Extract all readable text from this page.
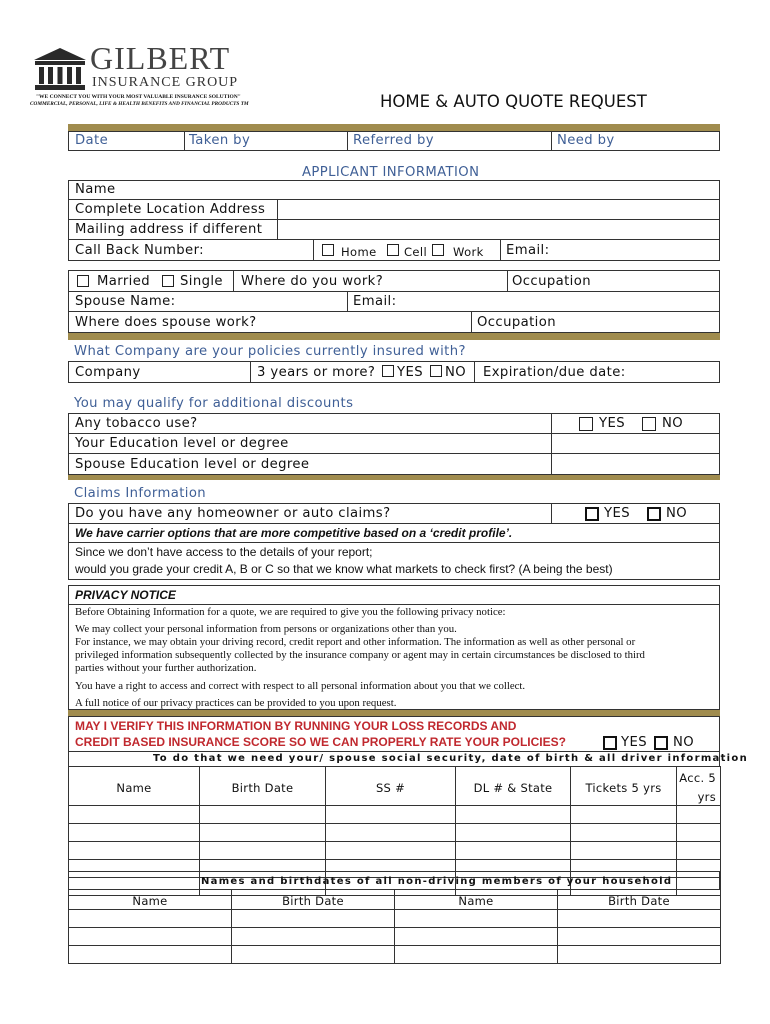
GILBERT
INSURANCE GROUP
"WE CONNECT YOU WITH YOUR MOST VALUABLE INSURANCE SOLUTION"
COMMERCIAL, PERSONAL, LIFE & HEALTH BENEFITS AND FINANCIAL PRODUCTS TM	HOME & AUTO QUOTE REQUEST
Date	Taken by	Referred by	Need by
APPLICANT INFORMATION
Name
Complete Location Address
Mailing address if different
Call Back Number:	Home Cell Work Email:
Married Single Where do you work?	Occupation
Spouse Name:	Email:
Where does spouse work?	Occupation
What Company are your policies currently insured with?
Company	3 years or more? YES NO Expiration/due date:
You may qualify for additional discounts
Any tobacco use?	YES	NO
Your Education level or degree
Spouse Education level or degree
Claims Information
Do you have any homeowner or auto claims?	YES	NO
We have carrier options that are more competitive based on a ‘credit profile’.
Since we don’t have access to the details of your report;
would you grade your credit A, B or C so that we know what markets to check first? (A being the best)
PRIVACY NOTICE
Before Obtaining Information for a quote, we are required to give you the following privacy notice:
We may collect your personal information from persons or organizations other than you.
For instance, we may obtain your driving record, credit report and other information. The information as well as other personal or
privileged information subsequently collected by the insurance company or agent may in certain circumstances be disclosed to third
parties without your further authorization.
You have a right to access and correct with respect to all personal information about you that we collect.
A full notice of our privacy practices can be provided to you upon request.
MAY I VERIFY THIS INFORMATION BY RUNNING YOUR LOSS RECORDS AND
CREDIT BASED INSURANCE SCORE SO WE CAN PROPERLY RATE YOUR POLICIES?	YES NO
To do that we need your/ spouse social security, date of birth & all driver information
Name	Birth Date	SS #	DL # & State	Tickets 5 yrs	Acc. 5 yrs

Names and birthdates of all non-driving members of your household
Name	Birth Date	Name	Birth Date
